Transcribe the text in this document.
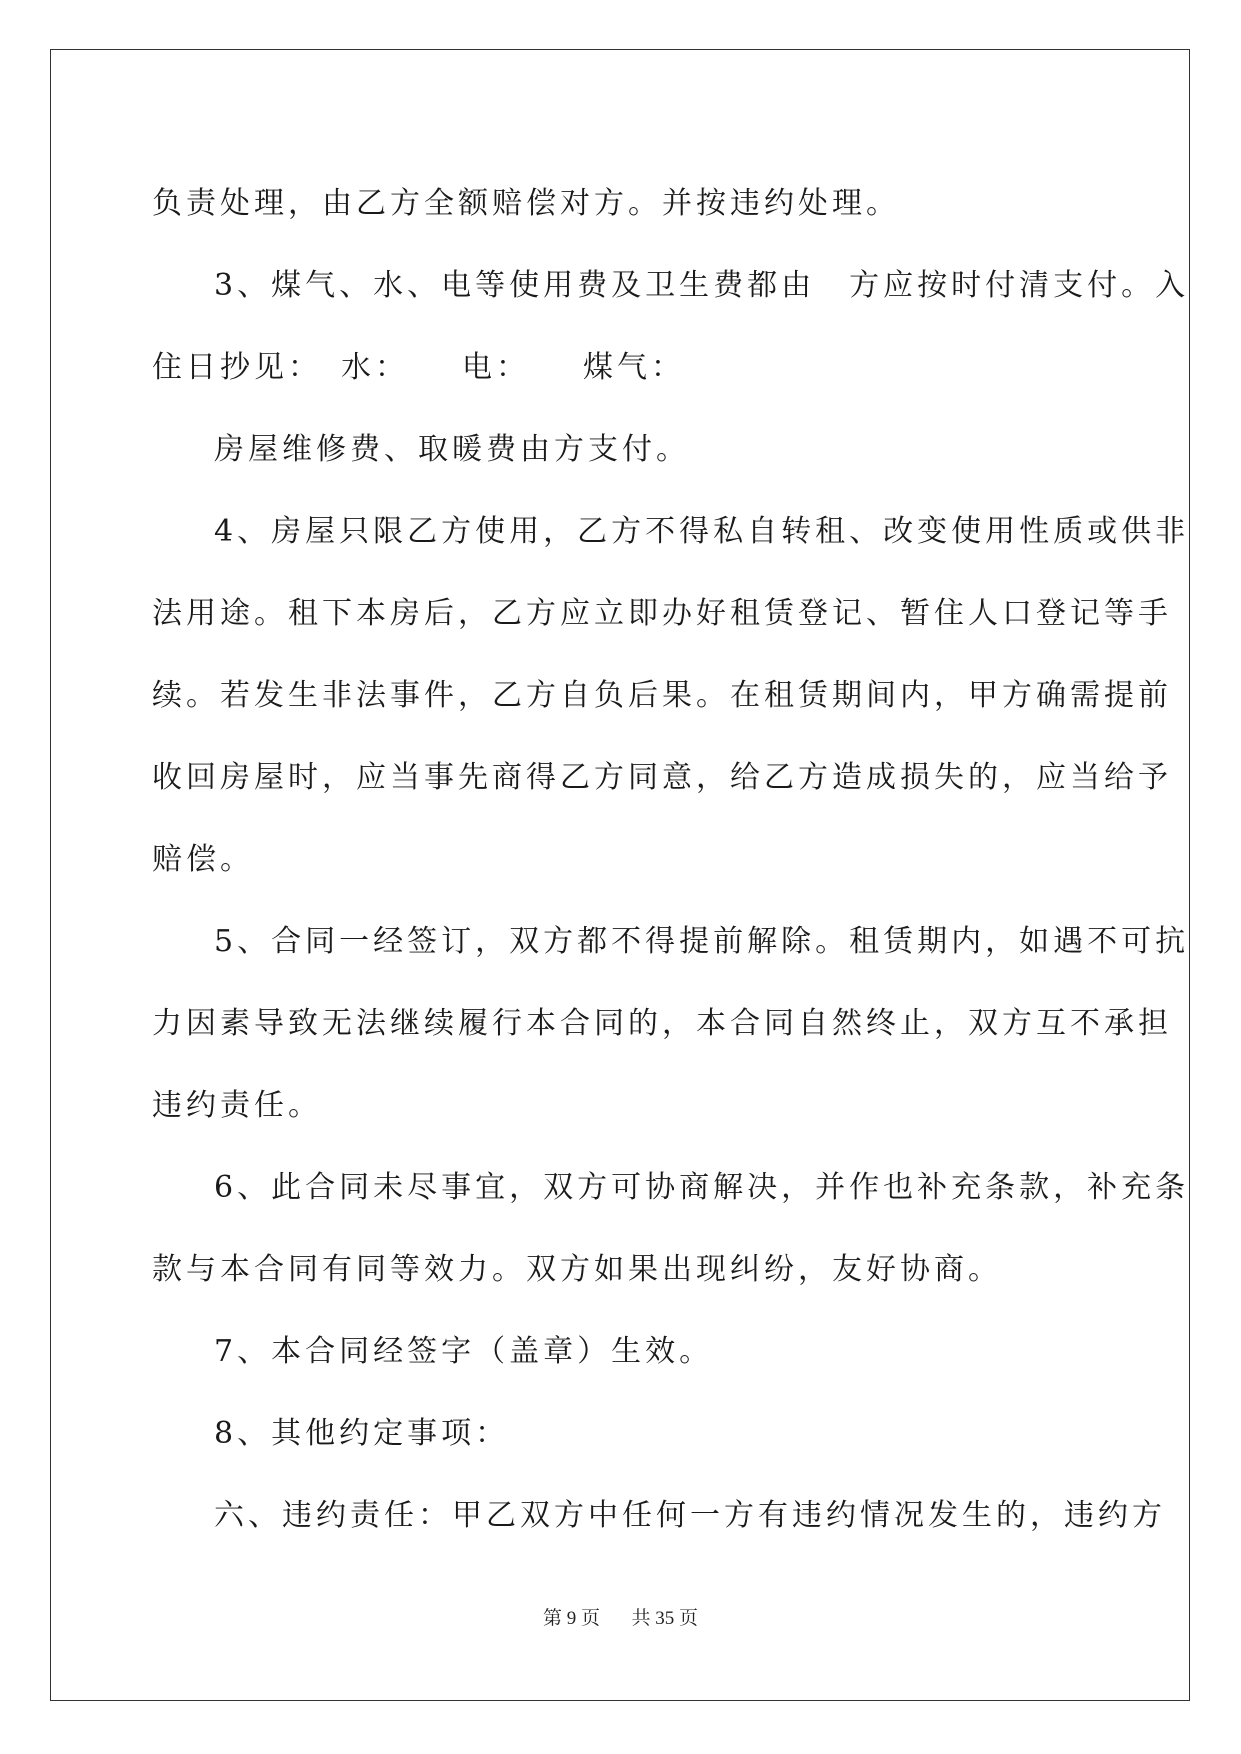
负责处理，由乙方全额赔偿对方。并按违约处理。

3、煤气、水、电等使用费及卫生费都由　方应按时付清支付。入

住日抄见：　水：　　电：　　煤气：

房屋维修费、取暖费由方支付。

4、房屋只限乙方使用，乙方不得私自转租、改变使用性质或供非

法用途。租下本房后，乙方应立即办好租赁登记、暂住人口登记等手

续。若发生非法事件，乙方自负后果。在租赁期间内，甲方确需提前

收回房屋时，应当事先商得乙方同意，给乙方造成损失的，应当给予

赔偿。

5、合同一经签订，双方都不得提前解除。租赁期内，如遇不可抗

力因素导致无法继续履行本合同的，本合同自然终止，双方互不承担

违约责任。

6、此合同未尽事宜，双方可协商解决，并作也补充条款，补充条

款与本合同有同等效力。双方如果出现纠纷，友好协商。

7、本合同经签字（盖章）生效。

8、其他约定事项：

六、违约责任：甲乙双方中任何一方有违约情况发生的，违约方

第 9 页 共 35 页
